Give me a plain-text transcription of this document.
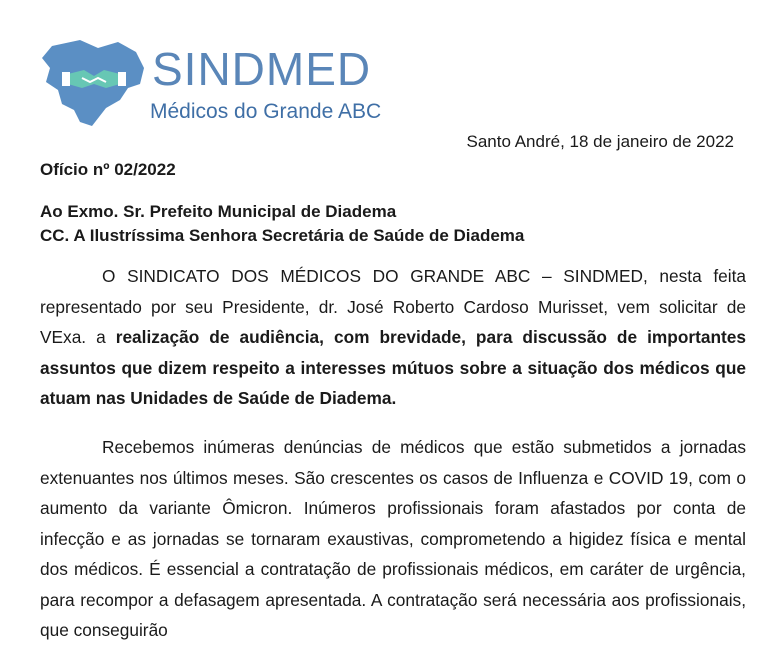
SINDMED
Médicos do Grande ABC
Santo André, 18 de janeiro de 2022
Ofício nº 02/2022
Ao Exmo. Sr. Prefeito Municipal de Diadema
CC. A Ilustríssima Senhora Secretária de Saúde de Diadema
O SINDICATO DOS MÉDICOS DO GRANDE ABC – SINDMED, nesta feita representado por seu Presidente, dr. José Roberto Cardoso Murisset, vem solicitar de VExa. a realização de audiência, com brevidade, para discussão de importantes assuntos que dizem respeito a interesses mútuos sobre a situação dos médicos que atuam nas Unidades de Saúde de Diadema.
Recebemos inúmeras denúncias de médicos que estão submetidos a jornadas extenuantes nos últimos meses. São crescentes os casos de Influenza e COVID 19, com o aumento da variante Ômicron. Inúmeros profissionais foram afastados por conta de infecção e as jornadas se tornaram exaustivas, comprometendo a higidez física e mental dos médicos. É essencial a contratação de profissionais médicos, em caráter de urgência, para recompor a defasagem apresentada. A contratação será necessária aos profissionais, que conseguirão
